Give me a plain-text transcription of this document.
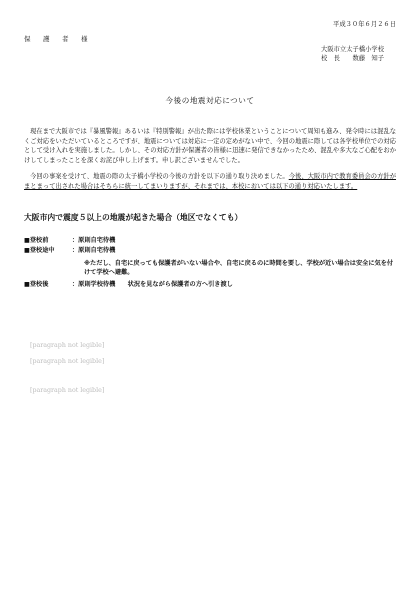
平成３０年６月２６日
保　護　者　様
大阪市立太子橋小学校
校　長　　数藤　知子
今後の地震対応について

現在まで大阪市では『暴風警報』あるいは『特別警報』が出た際には学校休業ということについて周知も進み、発令時には混乱なくご対応をいただいているところですが、地震については対応に一定の定めがない中で、今回の地震に際しては各学校単位での対応として受け入れを実施しました。しかし、その対応方針が保護者の皆様に迅速に発信できなかったため、混乱や多大なご心配をおかけしてしまったことを深くお詫び申し上げます。申し訳ございませんでした。

今回の事案を受けて、地震の際の太子橋小学校の今後の方針を以下の通り取り決めました。今後、大阪市内で教育委員会の方針がまとまって出された場合はそちらに統一してまいりますが、それまでは、本校においては以下の通り対応いたします。

大阪市内で震度５以上の地震が起きた場合（地区でなくても）
■登校前	：原則自宅待機
■登校途中	：原則自宅待機
※ただし、自宅に戻っても保護者がいない場合や、自宅に戻るのに時間を要し、学校が近い場合は安全に気を付けて学校へ避難。
■登校後	：原則学校待機　　状況を見ながら保護者の方へ引き渡し

[paragraph not legible]

[paragraph not legible]

[paragraph not legible]
